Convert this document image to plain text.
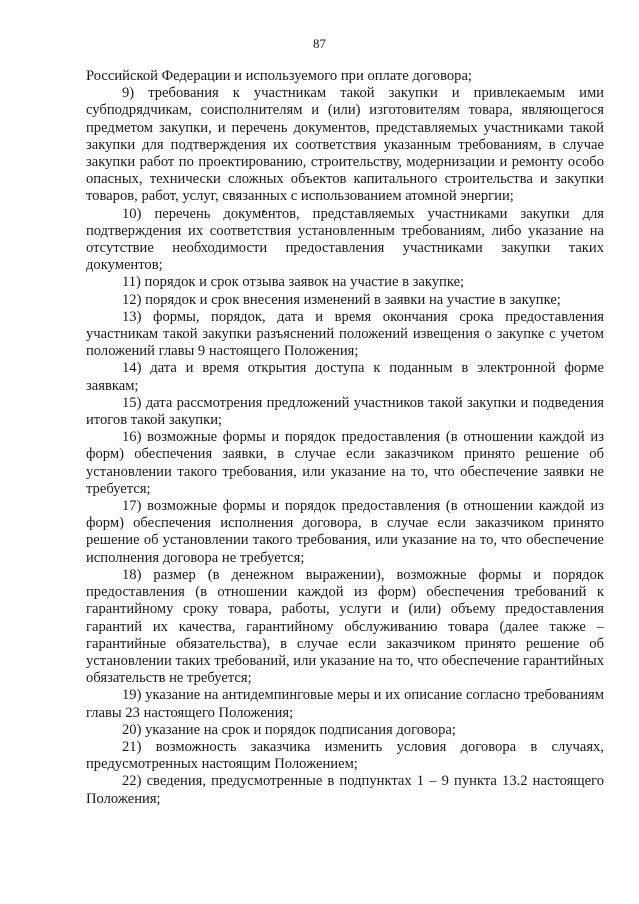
87

Российской Федерации и используемого при оплате договора;

9) требования к участникам такой закупки и привлекаемым ими субподрядчикам, соисполнителям и (или) изготовителям товара, являющегося предметом закупки, и перечень документов, представляемых участниками такой закупки для подтверждения их соответствия указанным требованиям, в случае закупки работ по проектированию, строительству, модернизации и ремонту особо опасных, технически сложных объектов капитального строительства и закупки товаров, работ, услуг, связанных с использованием атомной энергии;

10) перечень документов, представляемых участниками закупки для подтверждения их соответствия установленным требованиям, либо указание на отсутствие необходимости предоставления участниками закупки таких документов;

11) порядок и срок отзыва заявок на участие в закупке;

12) порядок и срок внесения изменений в заявки на участие в закупке;

13) формы, порядок, дата и время окончания срока предоставления участникам такой закупки разъяснений положений извещения о закупке с учетом положений главы 9 настоящего Положения;

14) дата и время открытия доступа к поданным в электронной форме заявкам;

15) дата рассмотрения предложений участников такой закупки и подведения итогов такой закупки;

16) возможные формы и порядок предоставления (в отношении каждой из форм) обеспечения заявки, в случае если заказчиком принято решение об установлении такого требования, или указание на то, что обеспечение заявки не требуется;

17) возможные формы и порядок предоставления (в отношении каждой из форм) обеспечения исполнения договора, в случае если заказчиком принято решение об установлении такого требования, или указание на то, что обеспечение исполнения договора не требуется;

18) размер (в денежном выражении), возможные формы и порядок предоставления (в отношении каждой из форм) обеспечения требований к гарантийному сроку товара, работы, услуги и (или) объему предоставления гарантий их качества, гарантийному обслуживанию товара (далее также – гарантийные обязательства), в случае если заказчиком принято решение об установлении таких требований, или указание на то, что обеспечение гарантийных обязательств не требуется;

19) указание на антидемпинговые меры и их описание согласно требованиям главы 23 настоящего Положения;

20) указание на срок и порядок подписания договора;

21) возможность заказчика изменить условия договора в случаях, предусмотренных настоящим Положением;

22) сведения, предусмотренные в подпунктах 1 – 9 пункта 13.2 настоящего Положения;
